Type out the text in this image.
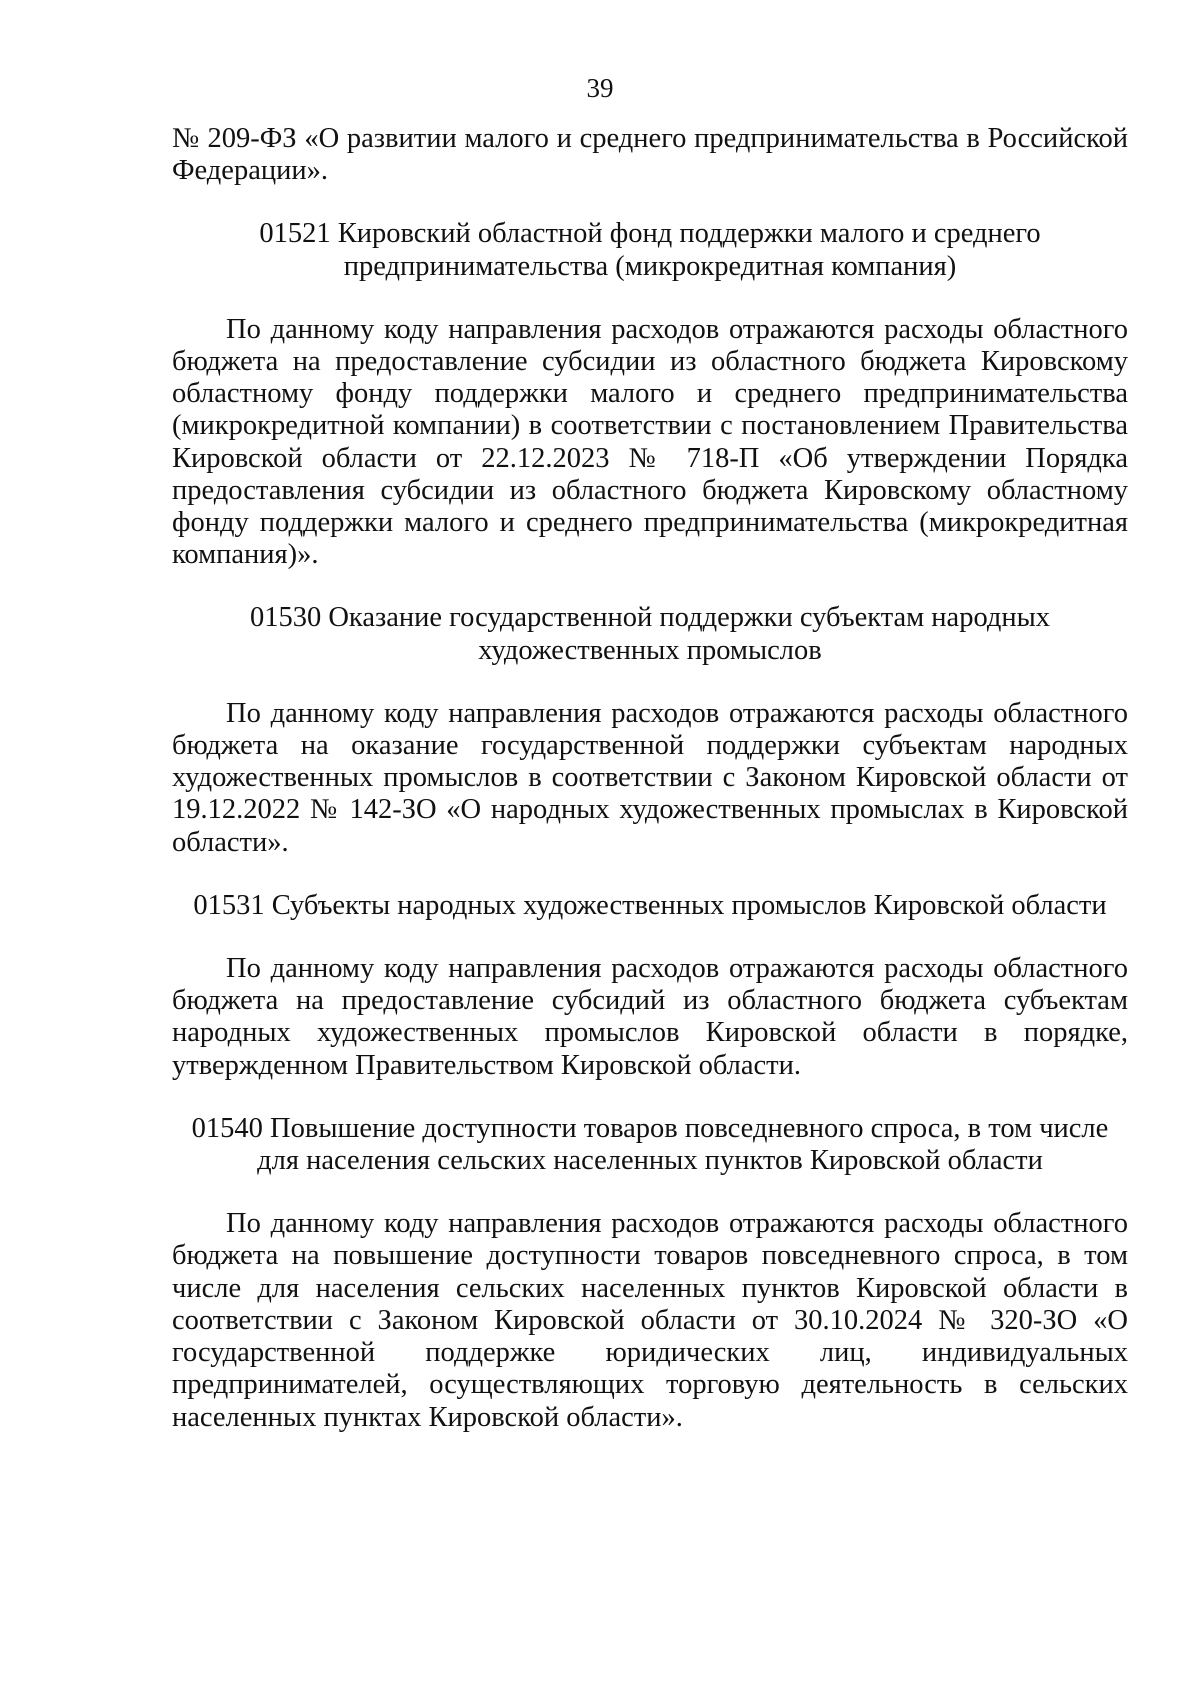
39

№ 209-ФЗ «О развитии малого и среднего предпринимательства в Российской Федерации».

01521 Кировский областной фонд поддержки малого и среднего

предпринимательства (микрокредитная компания)

По данному коду направления расходов отражаются расходы областного бюджета на предоставление субсидии из областного бюджета Кировскому областному фонду поддержки малого и среднего предпринимательства (микрокредитной компании) в соответствии с постановлением Правительства Кировской области от 22.12.2023 № 718-П «Об утверждении Порядка предоставления субсидии из областного бюджета Кировскому областному фонду поддержки малого и среднего предпринимательства (микрокредитная компания)».

01530 Оказание государственной поддержки субъектам народных

художественных промыслов

По данному коду направления расходов отражаются расходы областного бюджета на оказание государственной поддержки субъектам народных художественных промыслов в соответствии с Законом Кировской области от 19.12.2022 № 142-ЗО «О народных художественных промыслах в Кировской области».

01531 Субъекты народных художественных промыслов Кировской области

По данному коду направления расходов отражаются расходы областного бюджета на предоставление субсидий из областного бюджета субъектам народных художественных промыслов Кировской области в порядке, утвержденном Правительством Кировской области.

01540 Повышение доступности товаров повседневного спроса, в том числе

для населения сельских населенных пунктов Кировской области

По данному коду направления расходов отражаются расходы областного бюджета на повышение доступности товаров повседневного спроса, в том числе для населения сельских населенных пунктов Кировской области в соответствии с Законом Кировской области от 30.10.2024 № 320-ЗО «О государственной поддержке юридических лиц, индивидуальных предпринимателей, осуществляющих торговую деятельность в сельских населенных пунктах Кировской области».
